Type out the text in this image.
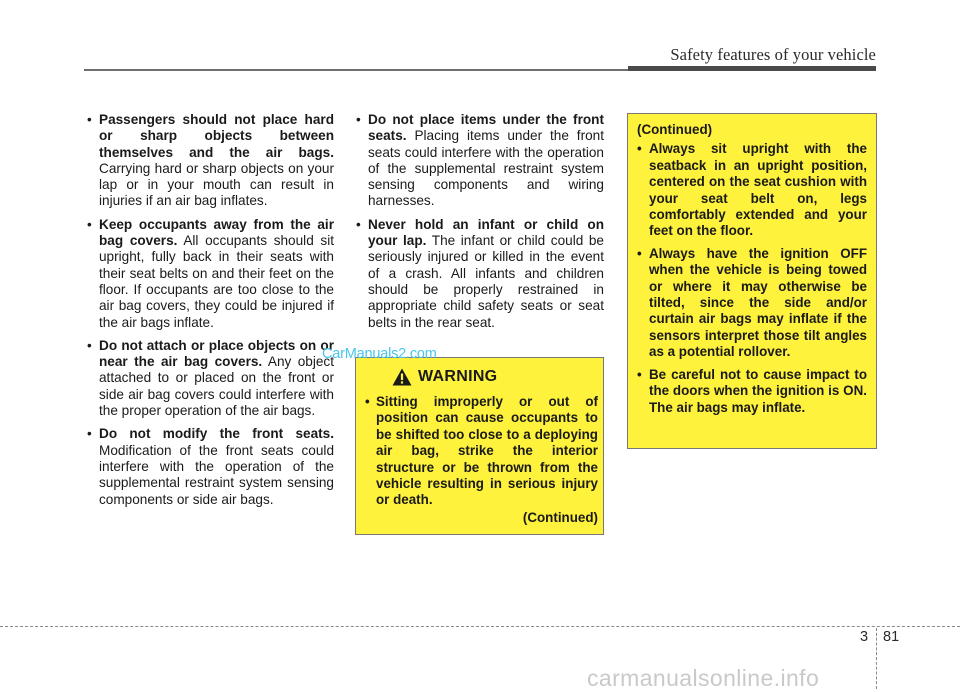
Safety features of your vehicle
• Passengers should not place hard or sharp objects between themselves and the air bags. Carrying hard or sharp objects on your lap or in your mouth can result in injuries if an air bag inflates.
• Keep occupants away from the air bag covers. All occupants should sit upright, fully back in their seats with their seat belts on and their feet on the floor. If occupants are too close to the air bag covers, they could be injured if the air bags inflate.
• Do not attach or place objects on or near the air bag covers. Any object attached to or placed on the front or side air bag covers could interfere with the proper operation of the air bags.
• Do not modify the front seats. Modification of the front seats could interfere with the operation of the supplemental restraint system sensing components or side air bags.
• Do not place items under the front seats. Placing items under the front seats could interfere with the operation of the supplemental restraint system sensing components and wiring harnesses.
• Never hold an infant or child on your lap. The infant or child could be seriously injured or killed in the event of a crash. All infants and children should be properly restrained in appropriate child safety seats or seat belts in the rear seat.
WARNING
• Sitting improperly or out of position can cause occupants to be shifted too close to a deploying air bag, strike the interior structure or be thrown from the vehicle resulting in serious injury or death.
(Continued)
(Continued)
• Always sit upright with the seatback in an upright position, centered on the seat cushion with your seat belt on, legs comfortably extended and your feet on the floor.
• Always have the ignition OFF when the vehicle is being towed or where it may otherwise be tilted, since the side and/or curtain air bags may inflate if the sensors interpret those tilt angles as a potential rollover.
• Be careful not to cause impact to the doors when the ignition is ON. The air bags may inflate.
CarManuals2.com
3 81
carmanualsonline.info
